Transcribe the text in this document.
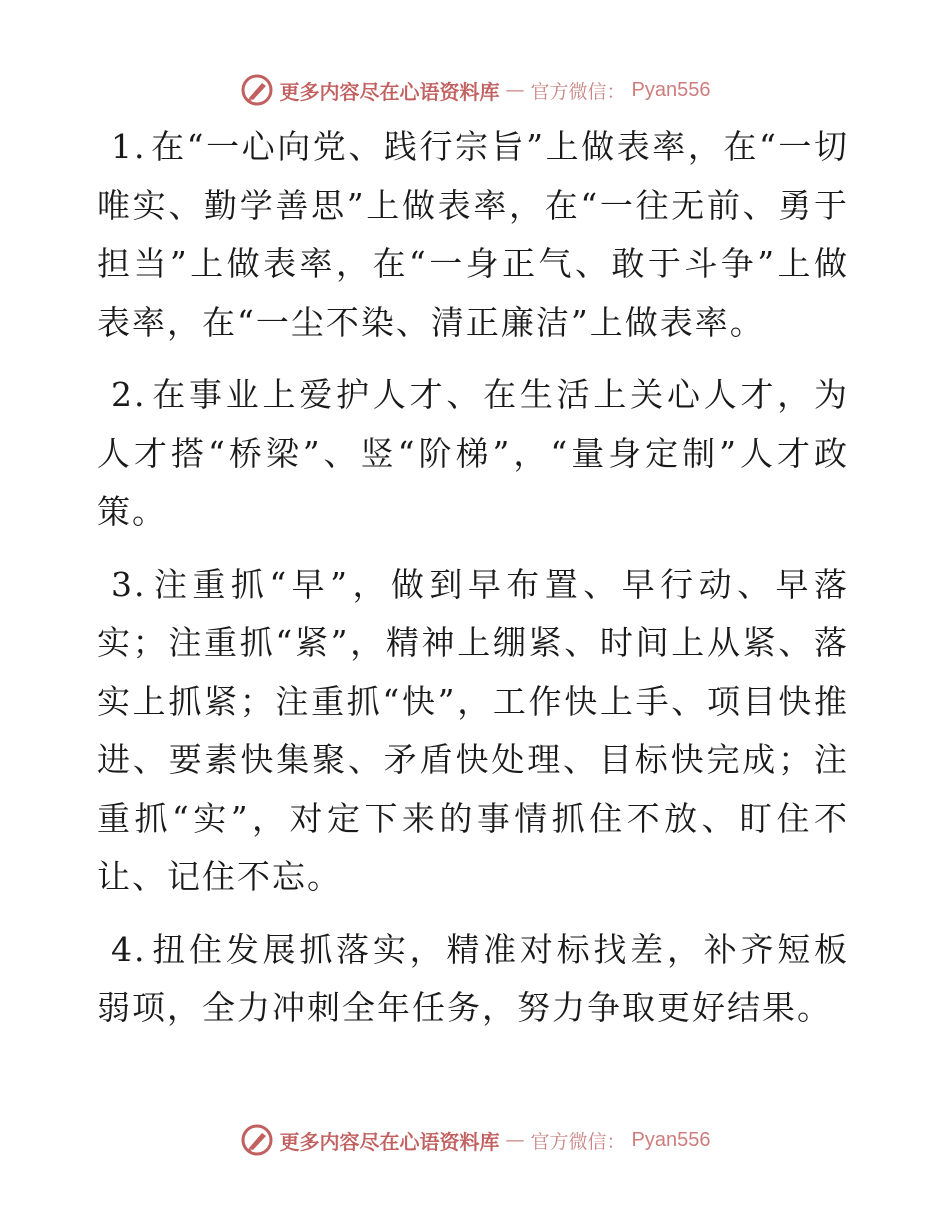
更多内容尽在心语资料库 — 官方微信： Pyan556

1. 在“一心向党、践行宗旨”上做表率，在“一切唯实、勤学善思”上做表率，在“一往无前、勇于担当”上做表率，在“一身正气、敢于斗争”上做表率，在“一尘不染、清正廉洁”上做表率。

2. 在事业上爱护人才、在生活上关心人才，为人才搭“桥梁”、竖“阶梯”，“量身定制”人才政策。

3. 注重抓“早”，做到早布置、早行动、早落实；注重抓“紧”，精神上绷紧、时间上从紧、落实上抓紧；注重抓“快”，工作快上手、项目快推进、要素快集聚、矛盾快处理、目标快完成；注重抓“实”，对定下来的事情抓住不放、盯住不让、记住不忘。

4. 扭住发展抓落实，精准对标找差，补齐短板弱项，全力冲刺全年任务，努力争取更好结果。

更多内容尽在心语资料库 — 官方微信： Pyan556
